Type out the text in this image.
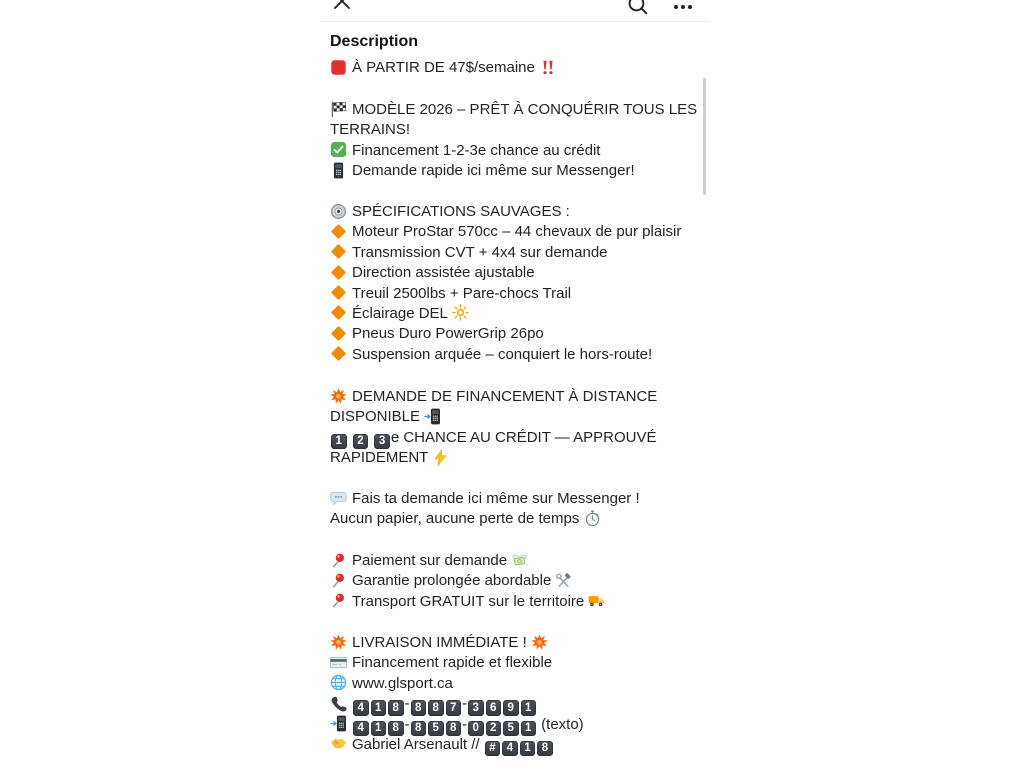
Description
À PARTIR DE 47$/semaine
MODÈLE 2026 – PRÊT À CONQUÉRIR TOUS LES
TERRAINS!
Financement 1-2-3e chance au crédit
Demande rapide ici même sur Messenger!
SPÉCIFICATIONS SAUVAGES :
Moteur ProStar 570cc – 44 chevaux de pur plaisir
Transmission CVT + 4x4 sur demande
Direction assistée ajustable
Treuil 2500lbs + Pare-chocs Trail
Éclairage DEL
Pneus Duro PowerGrip 26po
Suspension arquée – conquiert le hors-route!
DEMANDE DE FINANCEMENT À DISTANCE
DISPONIBLE
1 2 3 e CHANCE AU CRÉDIT — APPROUVÉ
RAPIDEMENT
Fais ta demande ici même sur Messenger !
Aucun papier, aucune perte de temps
Paiement sur demande
Garantie prolongée abordable
Transport GRATUIT sur le territoire
LIVRAISON IMMÉDIATE !
Financement rapide et flexible
www.glsport.ca
4 1 8 - 8 8 7 - 3 6 9 1
4 1 8 - 8 5 8 - 0 2 5 1 (texto)
Gabriel Arsenault // # 4 1 8
